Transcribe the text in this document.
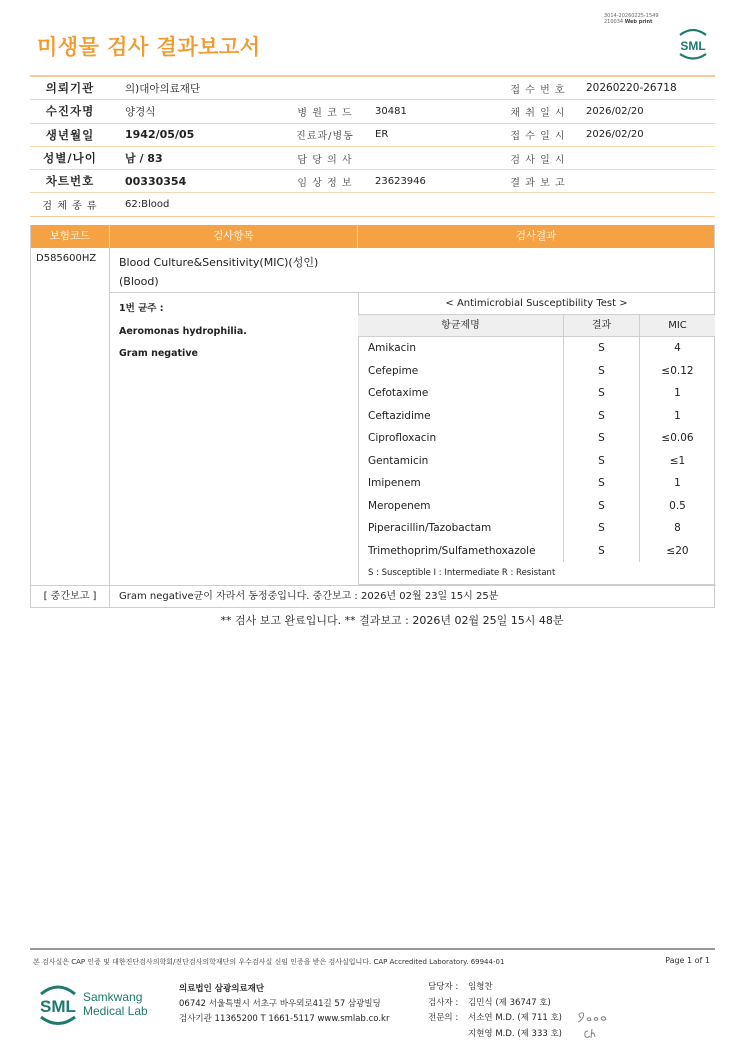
미생물 검사 결과보고서
3014-20260225-1549
210034 Web print
SML
의뢰기관	의)대아의료재단	접 수 번 호	20260220-26718
수진자명	양경식	병 원 코 드	30481	채 취 일 시	2026/02/20
생년월일	1942/05/05	진료과/병동	ER	접 수 일 시	2026/02/20
성별/나이	남 / 83	담 당 의 사	검 사 일 시
차트번호	00330354	임 상 정 보	23623946	결 과 보 고
검 체 종 류	62:Blood
보험코드	검사항목	검사결과
D585600HZ	Blood Culture&Sensitivity(MIC)(성인)
(Blood)
1번 균주 :
Aeromonas hydrophilia.
Gram negative
< Antimicrobial Susceptibility Test >
항균제명	결과	MIC
Amikacin	S	4
Cefepime	S	≤0.12
Cefotaxime	S	1
Ceftazidime	S	1
Ciprofloxacin	S	≤0.06
Gentamicin	S	≤1
Imipenem	S	1
Meropenem	S	0.5
Piperacillin/Tazobactam	S	8
Trimethoprim/Sulfamethoxazole	S	≤20
S : Susceptible I : Intermediate R : Resistant
[ 중간보고 ]	Gram negative균이 자라서 동정중입니다. 중간보고 : 2026년 02월 23일 15시 25분
** 검사 보고 완료입니다. ** 결과보고 : 2026년 02월 25일 15시 48분
본 검사실은 CAP 인증 및 대한진단검사의학회/진단검사의학재단의 우수검사실 신임 인증을 받은 검사실입니다. CAP Accredited Laboratory. 69944-01	Page 1 of 1
SML Samkwang
Medical Lab
의료법인 삼광의료재단
06742 서울특별시 서초구 바우뫼로41길 57 삼광빌딩
검사기관 11365200 T 1661-5117 www.smlab.co.kr
담당자 :	임형찬
검사자 :	김민식 (제 36747 호)
전문의 :	서소연 M.D. (제 711 호)
지현영 M.D. (제 333 호)
